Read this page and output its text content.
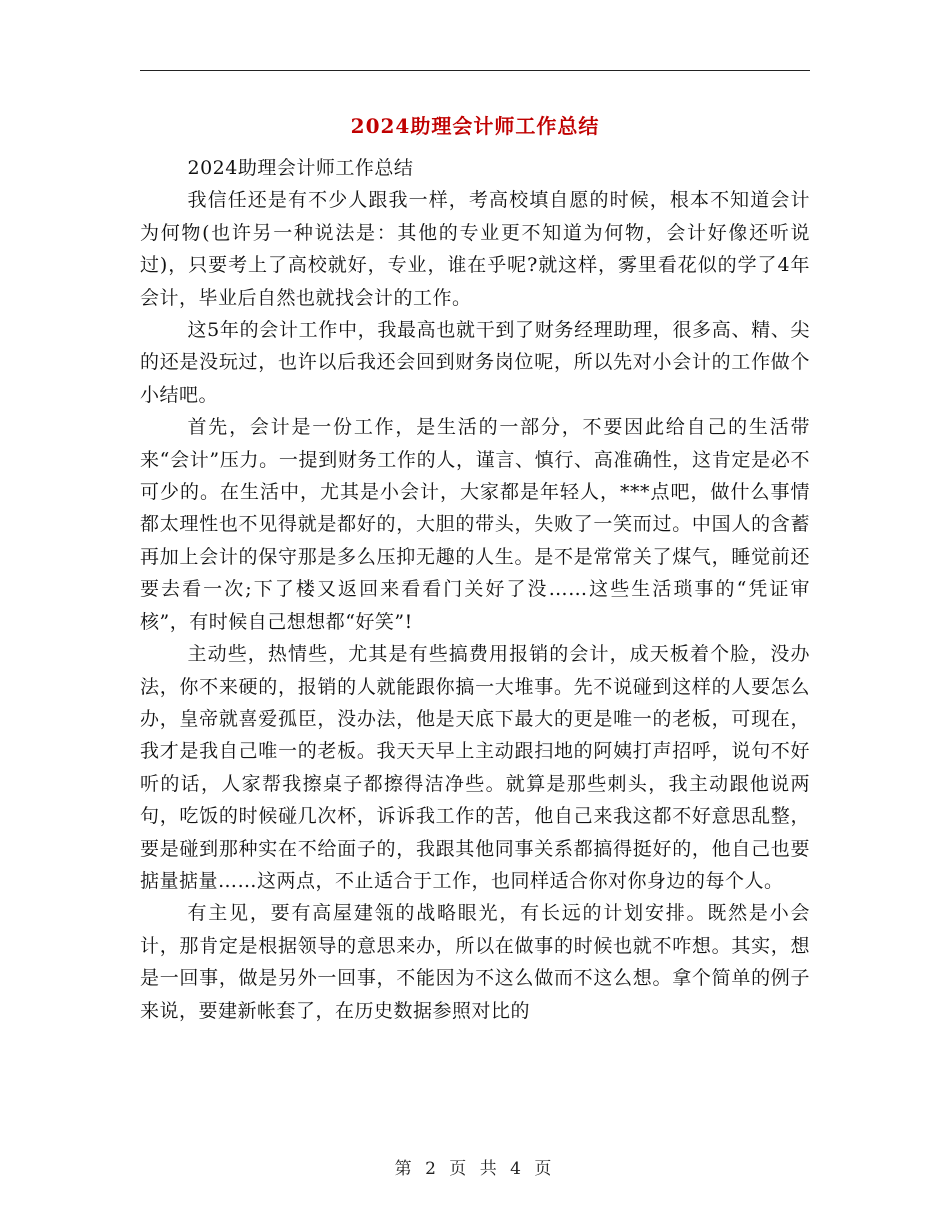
2024助理会计师工作总结

2024助理会计师工作总结

我信任还是有不少人跟我一样，考高校填自愿的时候，根本不知道会计为何物(也许另一种说法是：其他的专业更不知道为何物，会计好像还听说过)，只要考上了高校就好，专业，谁在乎呢?就这样，雾里看花似的学了4年会计，毕业后自然也就找会计的工作。

这5年的会计工作中，我最高也就干到了财务经理助理，很多高、精、尖的还是没玩过，也许以后我还会回到财务岗位呢，所以先对小会计的工作做个小结吧。

首先，会计是一份工作，是生活的一部分，不要因此给自己的生活带来“会计”压力。一提到财务工作的人，谨言、慎行、高准确性，这肯定是必不可少的。在生活中，尤其是小会计，大家都是年轻人，***点吧，做什么事情都太理性也不见得就是都好的，大胆的带头，失败了一笑而过。中国人的含蓄再加上会计的保守那是多么压抑无趣的人生。是不是常常关了煤气，睡觉前还要去看一次;下了楼又返回来看看门关好了没……这些生活琐事的“凭证审核”，有时候自己想想都“好笑”!

主动些，热情些，尤其是有些搞费用报销的会计，成天板着个脸，没办法，你不来硬的，报销的人就能跟你搞一大堆事。先不说碰到这样的人要怎么办，皇帝就喜爱孤臣，没办法，他是天底下最大的更是唯一的老板，可现在，我才是我自己唯一的老板。我天天早上主动跟扫地的阿姨打声招呼，说句不好听的话，人家帮我擦桌子都擦得洁净些。就算是那些刺头，我主动跟他说两句，吃饭的时候碰几次杯，诉诉我工作的苦，他自己来我这都不好意思乱整，要是碰到那种实在不给面子的，我跟其他同事关系都搞得挺好的，他自己也要掂量掂量……这两点，不止适合于工作，也同样适合你对你身边的每个人。

有主见，要有高屋建瓴的战略眼光，有长远的计划安排。既然是小会计，那肯定是根据领导的意思来办，所以在做事的时候也就不咋想。其实，想是一回事，做是另外一回事，不能因为不这么做而不这么想。拿个简单的例子来说，要建新帐套了，在历史数据参照对比的

第 2 页 共 4 页
